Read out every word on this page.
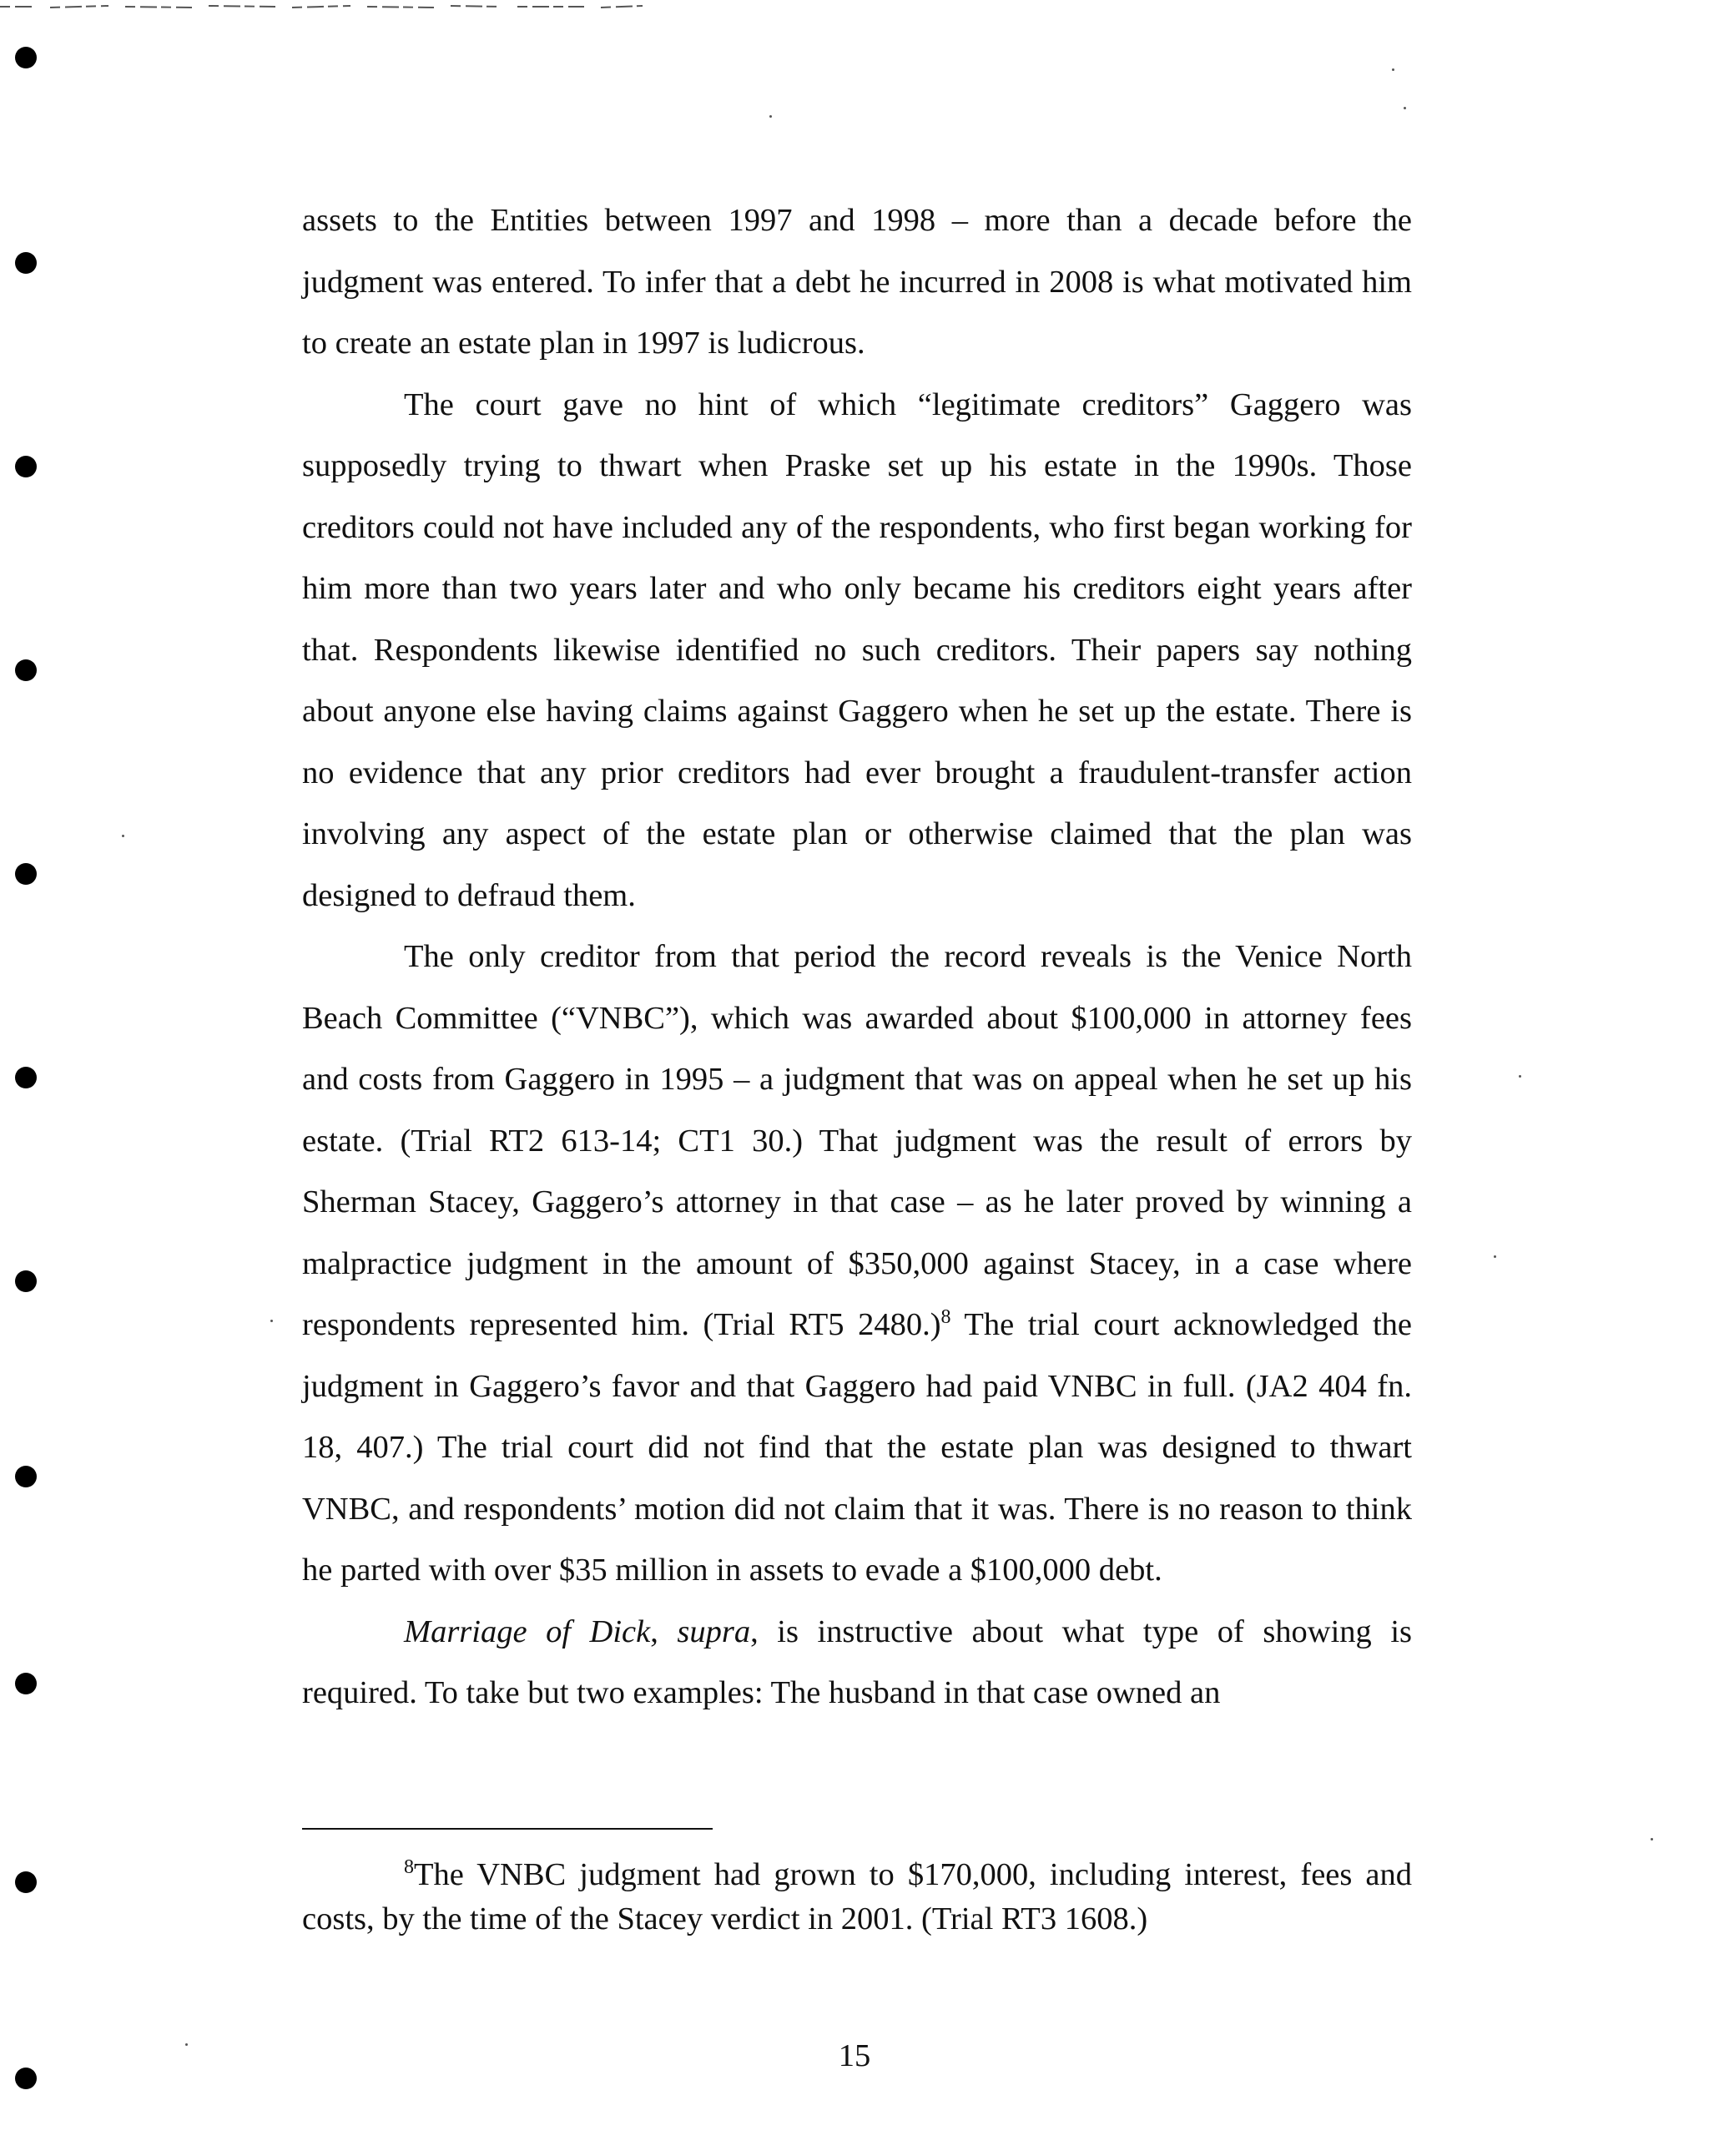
assets to the Entities between 1997 and 1998 – more than a decade before the judgment was entered. To infer that a debt he incurred in 2008 is what motivated him to create an estate plan in 1997 is ludicrous.

The court gave no hint of which “legitimate creditors” Gaggero was supposedly trying to thwart when Praske set up his estate in the 1990s. Those creditors could not have included any of the respondents, who first began working for him more than two years later and who only became his creditors eight years after that. Respondents likewise identified no such creditors. Their papers say nothing about anyone else having claims against Gaggero when he set up the estate. There is no evidence that any prior creditors had ever brought a fraudulent-transfer action involving any aspect of the estate plan or otherwise claimed that the plan was designed to defraud them.

The only creditor from that period the record reveals is the Venice North Beach Committee (“VNBC”), which was awarded about $100,000 in attorney fees and costs from Gaggero in 1995 – a judgment that was on appeal when he set up his estate. (Trial RT2 613-14; CT1 30.) That judgment was the result of errors by Sherman Stacey, Gaggero’s attorney in that case – as he later proved by winning a malpractice judgment in the amount of $350,000 against Stacey, in a case where respondents represented him. (Trial RT5 2480.)$^8$ The trial court acknowledged the judgment in Gaggero’s favor and that Gaggero had paid VNBC in full. (JA2 404 fn. 18, 407.) The trial court did not find that the estate plan was designed to thwart VNBC, and respondents’ motion did not claim that it was. There is no reason to think he parted with over $35 million in assets to evade a $100,000 debt.

Marriage of Dick, supra, is instructive about what type of showing is required. To take but two examples: The husband in that case owned an

$^8$The VNBC judgment had grown to $170,000, including interest, fees and costs, by the time of the Stacey verdict in 2001. (Trial RT3 1608.)

15
